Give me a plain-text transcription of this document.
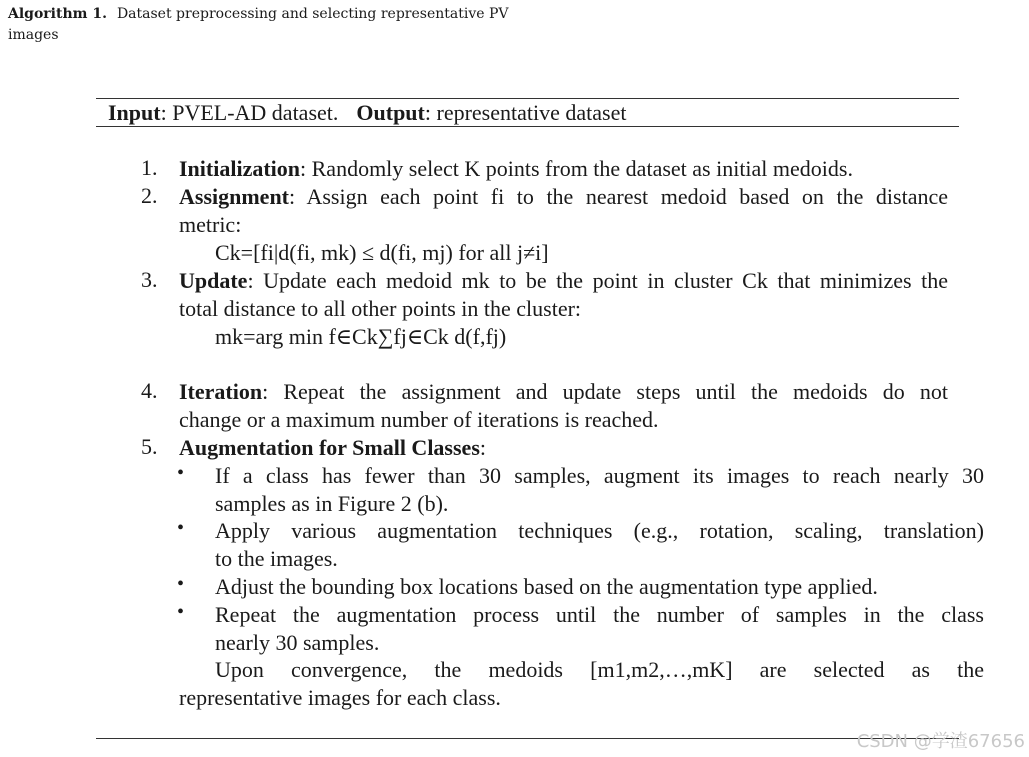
Algorithm 1. Dataset preprocessing and selecting representative PV
images
Input: PVEL-AD dataset. Output: representative dataset
1. Initialization: Randomly select K points from the dataset as initial medoids.
2. Assignment: Assign each point fi to the nearest medoid based on the distance
metric:
Ck=[fi|d(fi, mk) ≤ d(fi, mj) for all j≠i]
3. Update: Update each medoid mk to be the point in cluster Ck that minimizes the
total distance to all other points in the cluster:
mk=arg min f∈Ck∑fj∈Ck d(f,fj)
4. Iteration: Repeat the assignment and update steps until the medoids do not
change or a maximum number of iterations is reached.
5. Augmentation for Small Classes:
• If a class has fewer than 30 samples, augment its images to reach nearly 30
samples as in Figure 2 (b).
• Apply various augmentation techniques (e.g., rotation, scaling, translation)
to the images.
• Adjust the bounding box locations based on the augmentation type applied.
• Repeat the augmentation process until the number of samples in the class
nearly 30 samples.
Upon convergence, the medoids [m1,m2,…,mK] are selected as the
representative images for each class.
CSDN @学渣67656
